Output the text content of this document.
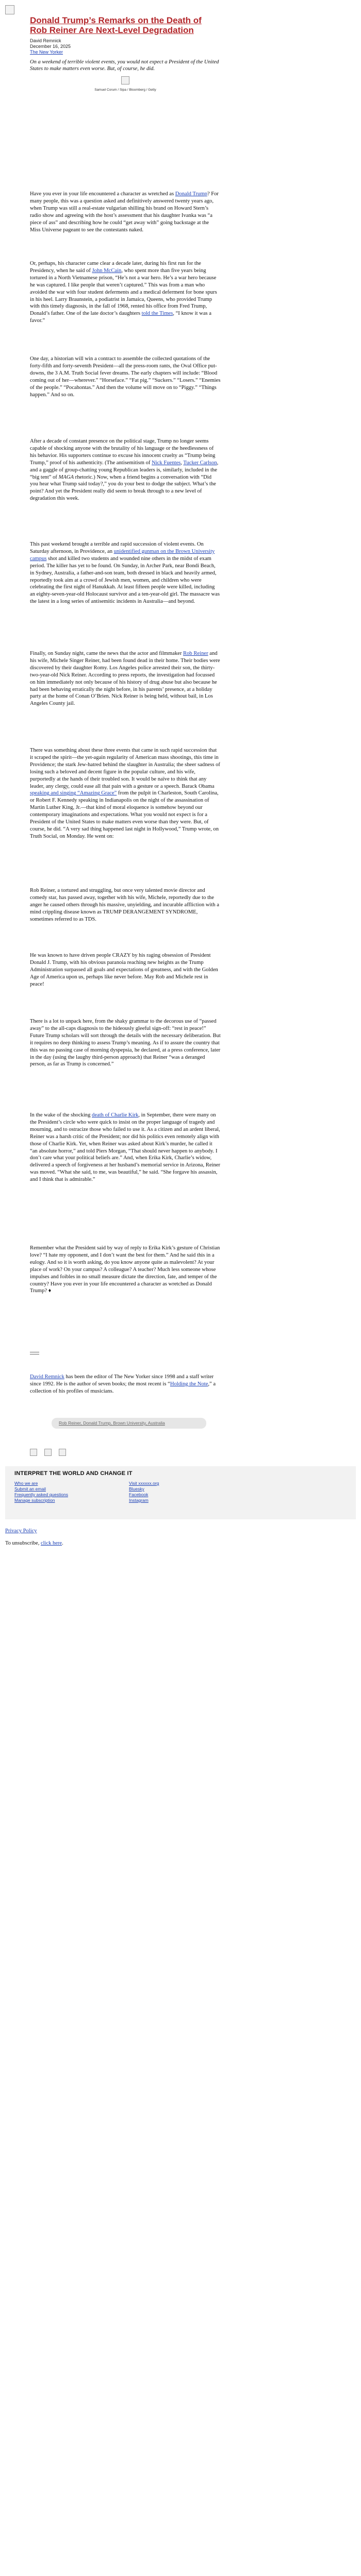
Donald Trump’s Remarks on the Death of Rob Reiner Are Next-Level Degradation
David Remnick
December 16, 2025
The New Yorker
On a weekend of terrible violent events, you would not expect a President of the United States to make matters even worse. But, of course, he did.
Samuel Corum / Sipa / Bloomberg / Getty

Have you ever in your life encountered a character as wretched as Donald Trump? For many people, this was a question asked and definitively answered twenty years ago, when Trump was still a real-estate vulgarian shilling his brand on Howard Stern’s radio show and agreeing with the host’s assessment that his daughter Ivanka was “a piece of ass” and describing how he could “get away with” going backstage at the Miss Universe pageant to see the contestants naked.

Or, perhaps, his character came clear a decade later, during his first run for the Presidency, when he said of John McCain, who spent more than five years being tortured in a North Vietnamese prison, “He’s not a war hero. He’s a war hero because he was captured. I like people that weren’t captured.” This was from a man who avoided the war with four student deferments and a medical deferment for bone spurs in his heel. Larry Braunstein, a podiatrist in Jamaica, Queens, who provided Trump with this timely diagnosis, in the fall of 1968, rented his office from Fred Trump, Donald’s father. One of the late doctor’s daughters told the Times, “I know it was a favor.”

One day, a historian will win a contract to assemble the collected quotations of the forty-fifth and forty-seventh President—all the press-room rants, the Oval Office put-downs, the 3 A.M. Truth Social fever dreams. The early chapters will include: “Blood coming out of her—wherever.” “Horseface.” “Fat pig.” “Suckers.” “Losers.” “Enemies of the people.” “Pocahontas.” And then the volume will move on to “Piggy.” “Things happen.” And so on.

After a decade of constant presence on the political stage, Trump no longer seems capable of shocking anyone with the brutality of his language or the heedlessness of his behavior. His supporters continue to excuse his innocent cruelty as “Trump being Trump,” proof of his authenticity. (The antisemitism of Nick Fuentes, Tucker Carlson, and a gaggle of group-chatting young Republican leaders is, similarly, included in the “big tent” of MAGA rhetoric.) Now, when a friend begins a conversation with “Did you hear what Trump said today?,” you do your best to dodge the subject. What’s the point? And yet the President really did seem to break through to a new level of degradation this week.

This past weekend brought a terrible and rapid succession of violent events. On Saturday afternoon, in Providence, an unidentified gunman on the Brown University campus shot and killed two students and wounded nine others in the midst of exam period. The killer has yet to be found. On Sunday, in Archer Park, near Bondi Beach, in Sydney, Australia, a father-and-son team, both dressed in black and heavily armed, reportedly took aim at a crowd of Jewish men, women, and children who were celebrating the first night of Hanukkah. At least fifteen people were killed, including an eighty-seven-year-old Holocaust survivor and a ten-year-old girl. The massacre was the latest in a long series of antisemitic incidents in Australia—and beyond.

Finally, on Sunday night, came the news that the actor and filmmaker Rob Reiner and his wife, Michele Singer Reiner, had been found dead in their home. Their bodies were discovered by their daughter Romy. Los Angeles police arrested their son, the thirty-two-year-old Nick Reiner. According to press reports, the investigation had focussed on him immediately not only because of his history of drug abuse but also because he had been behaving erratically the night before, in his parents’ presence, at a holiday party at the home of Conan O’Brien. Nick Reiner is being held, without bail, in Los Angeles County jail.

There was something about these three events that came in such rapid succession that it scraped the spirit—the yet-again regularity of American mass shootings, this time in Providence; the stark Jew-hatred behind the slaughter in Australia; the sheer sadness of losing such a beloved and decent figure in the popular culture, and his wife, purportedly at the hands of their troubled son. It would be naïve to think that any leader, any clergy, could ease all that pain with a gesture or a speech. Barack Obama speaking and singing “Amazing Grace” from the pulpit in Charleston, South Carolina, or Robert F. Kennedy speaking in Indianapolis on the night of the assassination of Martin Luther King, Jr.—that kind of moral eloquence is somehow beyond our contemporary imaginations and expectations. What you would not expect is for a President of the United States to make matters even worse than they were. But, of course, he did. “A very sad thing happened last night in Hollywood,” Trump wrote, on Truth Social, on Monday. He went on:

Rob Reiner, a tortured and struggling, but once very talented movie director and comedy star, has passed away, together with his wife, Michele, reportedly due to the anger he caused others through his massive, unyielding, and incurable affliction with a mind crippling disease known as TRUMP DERANGEMENT SYNDROME, sometimes referred to as TDS.

He was known to have driven people CRAZY by his raging obsession of President Donald J. Trump, with his obvious paranoia reaching new heights as the Trump Administration surpassed all goals and expectations of greatness, and with the Golden Age of America upon us, perhaps like never before. May Rob and Michele rest in peace!

There is a lot to unpack here, from the shaky grammar to the decorous use of “passed away” to the all-caps diagnosis to the hideously gleeful sign-off: “rest in peace!” Future Trump scholars will sort through the details with the necessary deliberation. But it requires no deep thinking to assess Trump’s meaning. As if to assure the country that this was no passing case of morning dyspepsia, he declared, at a press conference, later in the day (using the laughy third-person approach) that Reiner “was a deranged person, as far as Trump is concerned.”

In the wake of the shocking death of Charlie Kirk, in September, there were many on the President’s circle who were quick to insist on the proper language of tragedy and mourning, and to ostracize those who failed to use it. As a citizen and an ardent liberal, Reiner was a harsh critic of the President; nor did his politics even remotely align with those of Charlie Kirk. Yet, when Reiner was asked about Kirk’s murder, he called it “an absolute horror,” and told Piers Morgan, “That should never happen to anybody. I don’t care what your political beliefs are.” And, when Erika Kirk, Charlie’s widow, delivered a speech of forgiveness at her husband’s memorial service in Arizona, Reiner was moved. “What she said, to me, was beautiful,” he said. “She forgave his assassin, and I think that is admirable.”

Remember what the President said by way of reply to Erika Kirk’s gesture of Christian love? “I hate my opponent, and I don’t want the best for them.” And he said this in a eulogy. And so it is worth asking, do you know anyone quite as malevolent? At your place of work? On your campus? A colleague? A teacher? Much less someone whose impulses and foibles in no small measure dictate the direction, fate, and temper of the country? Have you ever in your life encountered a character as wretched as Donald Trump? ♦

David Remnick has been the editor of The New Yorker since 1998 and a staff writer since 1992. He is the author of seven books; the most recent is “Holding the Note,” a collection of his profiles of musicians.

Rob Reiner, Donald Trump, Brown University, Australia
INTERPRET THE WORLD AND CHANGE IT
Who we are
Submit an email
Frequently asked questions
Manage subscription
Visit xxxxxx.org
Bluesky
Facebook
Instagram
Privacy Policy
To unsubscribe, click here.
